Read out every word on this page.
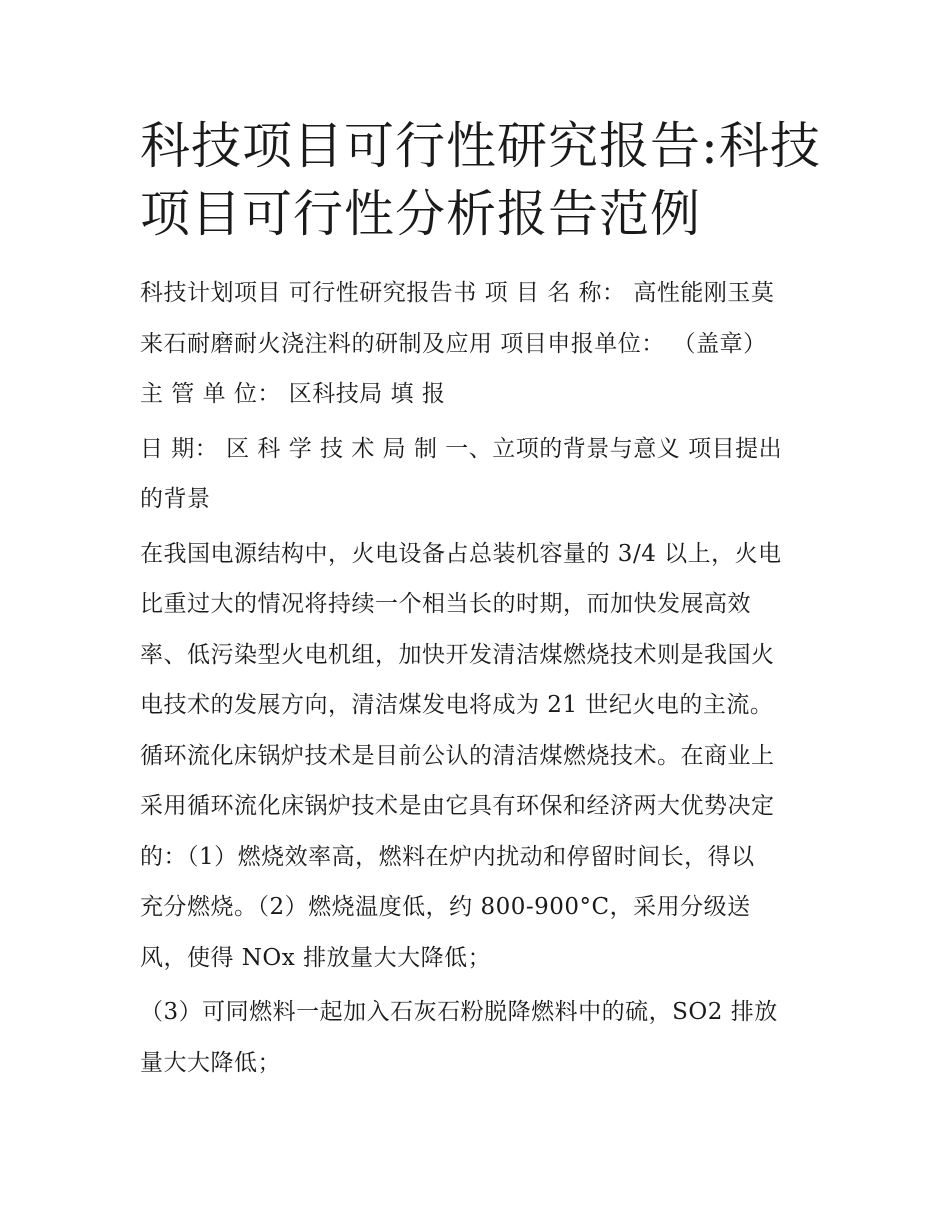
科技项目可行性研究报告:科技
项目可行性分析报告范例

科技计划项目 可行性研究报告书 项 目 名 称： 高性能刚玉莫
来石耐磨耐火浇注料的研制及应用 项目申报单位： （盖章）
主 管 单 位： 区科技局 填 报

日 期： 区 科 学 技 术 局 制 一、立项的背景与意义 项目提出
的背景

在我国电源结构中，火电设备占总装机容量的 3/4 以上，火电
比重过大的情况将持续一个相当长的时期，而加快发展高效
率、低污染型火电机组，加快开发清洁煤燃烧技术则是我国火
电技术的发展方向，清洁煤发电将成为 21 世纪火电的主流。
循环流化床锅炉技术是目前公认的清洁煤燃烧技术。在商业上
采用循环流化床锅炉技术是由它具有环保和经济两大优势决定
的：（1）燃烧效率高，燃料在炉内扰动和停留时间长，得以
充分燃烧。（2）燃烧温度低，约 800-900°C，采用分级送
风，使得 NOx 排放量大大降低；

（3）可同燃料一起加入石灰石粉脱降燃料中的硫，SO2 排放
量大大降低；
